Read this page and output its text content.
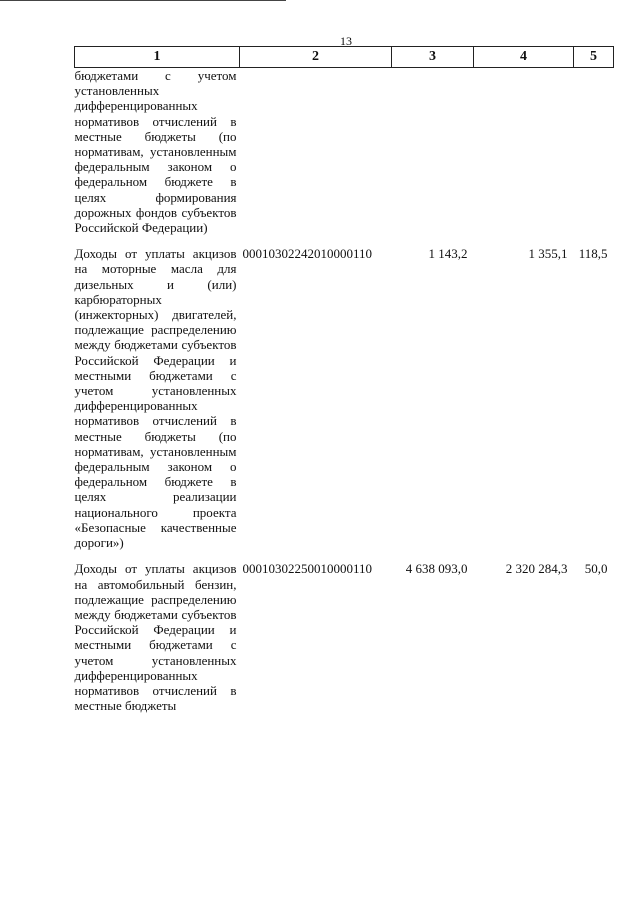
13
1	2	3	4	5
бюджетами с учетом установленных дифференцированных нормативов отчислений в местные бюджеты (по нормативам, установленным федеральным законом о федеральном бюджете в целях формирования дорожных фондов субъектов Российской Федерации)				
Доходы от уплаты акцизов на моторные масла для дизельных и (или) карбюраторных (инжекторных) двигателей, подлежащие распределению между бюджетами субъектов Российской Федерации и местными бюджетами с учетом установленных дифференцированных нормативов отчислений в местные бюджеты (по нормативам, установленным федеральным законом о федеральном бюджете в целях реализации национального проекта «Безопасные качественные дороги»)	00010302242010000110	1 143,2	1 355,1	118,5
Доходы от уплаты акцизов на автомобильный бензин, подлежащие распределению между бюджетами субъектов Российской Федерации и местными бюджетами с учетом установленных дифференцированных нормативов отчислений в местные бюджеты	00010302250010000110	4 638 093,0	2 320 284,3	50,0
